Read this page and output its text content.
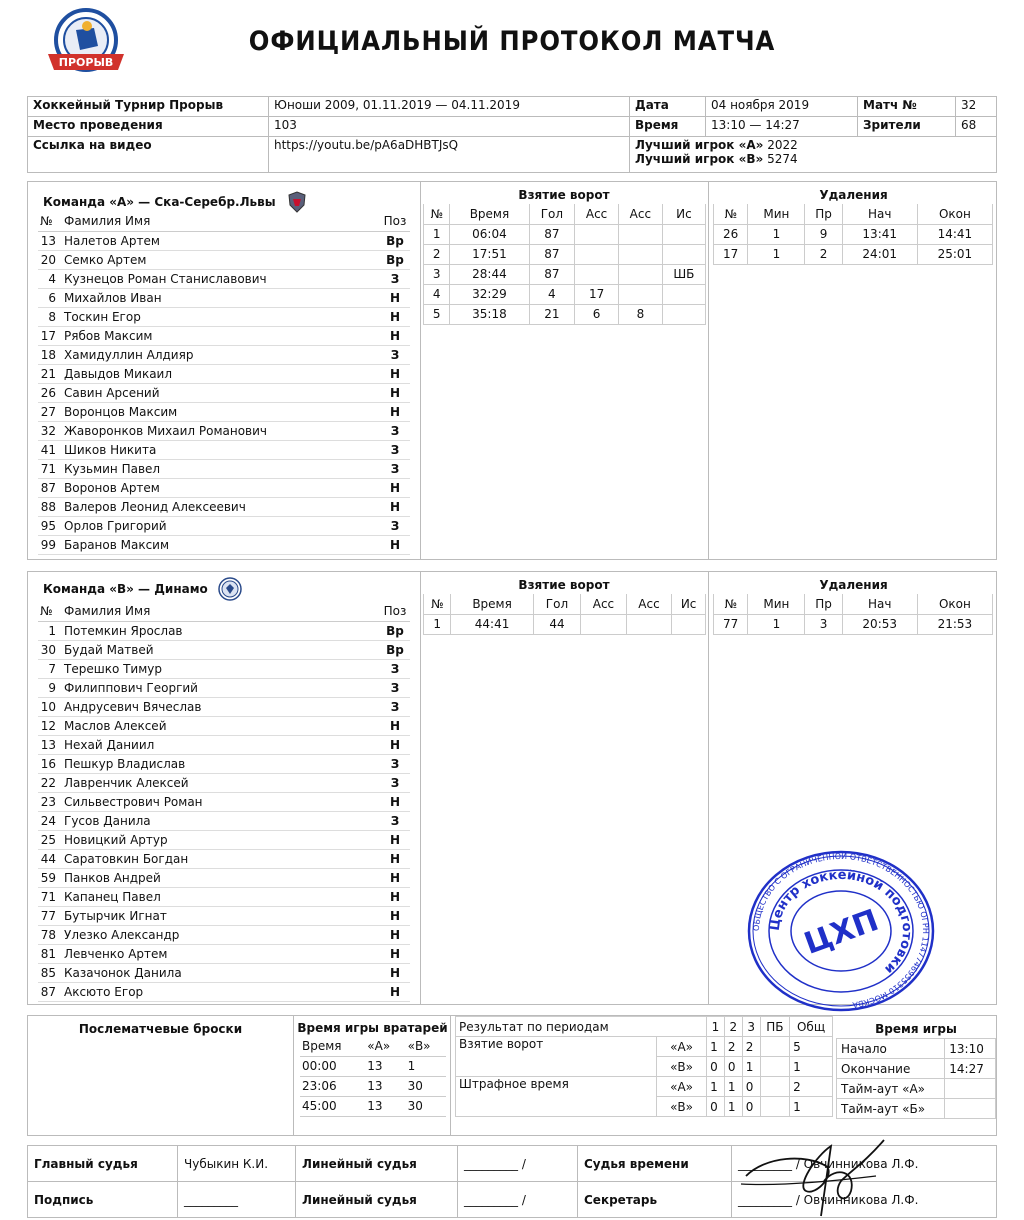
ПРОРЫВ
ОФИЦИАЛЬНЫЙ ПРОТОКОЛ МАТЧА
Хоккейный Турнир Прорыв	Юноши 2009, 01.11.2019 — 04.11.2019	Дата	04 ноября 2019	Матч №	32
Место проведения	103	Время	13:10 — 14:27	Зрители	68
Ссылка на видео	https://youtu.be/pA6aDHBTJsQ	Лучший игрок «А» 2022
Лучший игрок «В» 5274			
Команда «А» — Ска-Серебр.Львы
№	Фамилия Имя	Поз
13	Налетов Артем	Вр
20	Семко Артем	Вр
4	Кузнецов Роман Станиславович	З
6	Михайлов Иван	Н
8	Тоскин Егор	Н
17	Рябов Максим	Н
18	Хамидуллин Алдияр	З
21	Давыдов Микаил	Н
26	Савин Арсений	Н
27	Воронцов Максим	Н
32	Жаворонков Михаил Романович	З
41	Шиков Никита	З
71	Кузьмин Павел	З
87	Воронов Артем	Н
88	Валеров Леонид Алексеевич	Н
95	Орлов Григорий	З
99	Баранов Максим	Н
Взятие ворот
№	Время	Гол	Асс	Асс	Ис
1	06:04	87			
2	17:51	87			
3	28:44	87			ШБ
4	32:29	4	17		
5	35:18	21	6	8	
Удаления
№	Мин	Пр	Нач	Окон
26	1	9	13:41	14:41
17	1	2	24:01	25:01
Команда «В» — Динамо
№	Фамилия Имя	Поз
1	Потемкин Ярослав	Вр
30	Будай Матвей	Вр
7	Терешко Тимур	З
9	Филиппович Георгий	З
10	Андрусевич Вячеслав	З
12	Маслов Алексей	Н
13	Нехай Даниил	Н
16	Пешкур Владислав	З
22	Лавренчик Алексей	З
23	Сильвестрович Роман	Н
24	Гусов Данила	З
25	Новицкий Артур	Н
44	Саратовкин Богдан	Н
59	Панков Андрей	Н
71	Капанец Павел	Н
77	Бутырчик Игнат	Н
78	Улезко Александр	Н
81	Левченко Артем	Н
85	Казачонок Данила	Н
87	Аксюто Егор	Н
Взятие ворот
№	Время	Гол	Асс	Асс	Ис
1	44:41	44			
Удаления
№	Мин	Пр	Нач	Окон
77	1	3	20:53	21:53
ОБЩЕСТВО С ОГРАНИЧЕННОЙ ОТВЕТСТВЕННОСТЬЮ ОГРН 1147746955310 МОСКВА
Центр хоккейной подготовки
ЦХП
Послематчевые броски	Время игры вратарей
Время	«А»	«В»
00:00	13	1
23:06	13	30
45:00	13	30
Результат по периодам		1	2	3	ПБ	Общ
Взятие ворот	«А»	1	2	2		5
	«В»	0	0	1		1
Штрафное время	«А»	1	1	0		2
	«В»	0	1	0		1
Время игры
Начало	13:10
Окончание	14:27
Тайм-аут «А»	
Тайм-аут «Б»	
Главный судья	Чубыкин К.И.	Линейный судья	_________ /	Судья времени	_________ / Овчинникова Л.Ф.
Подпись	_________	Линейный судья	_________ /	Секретарь	_________ / Овчинникова Л.Ф.
